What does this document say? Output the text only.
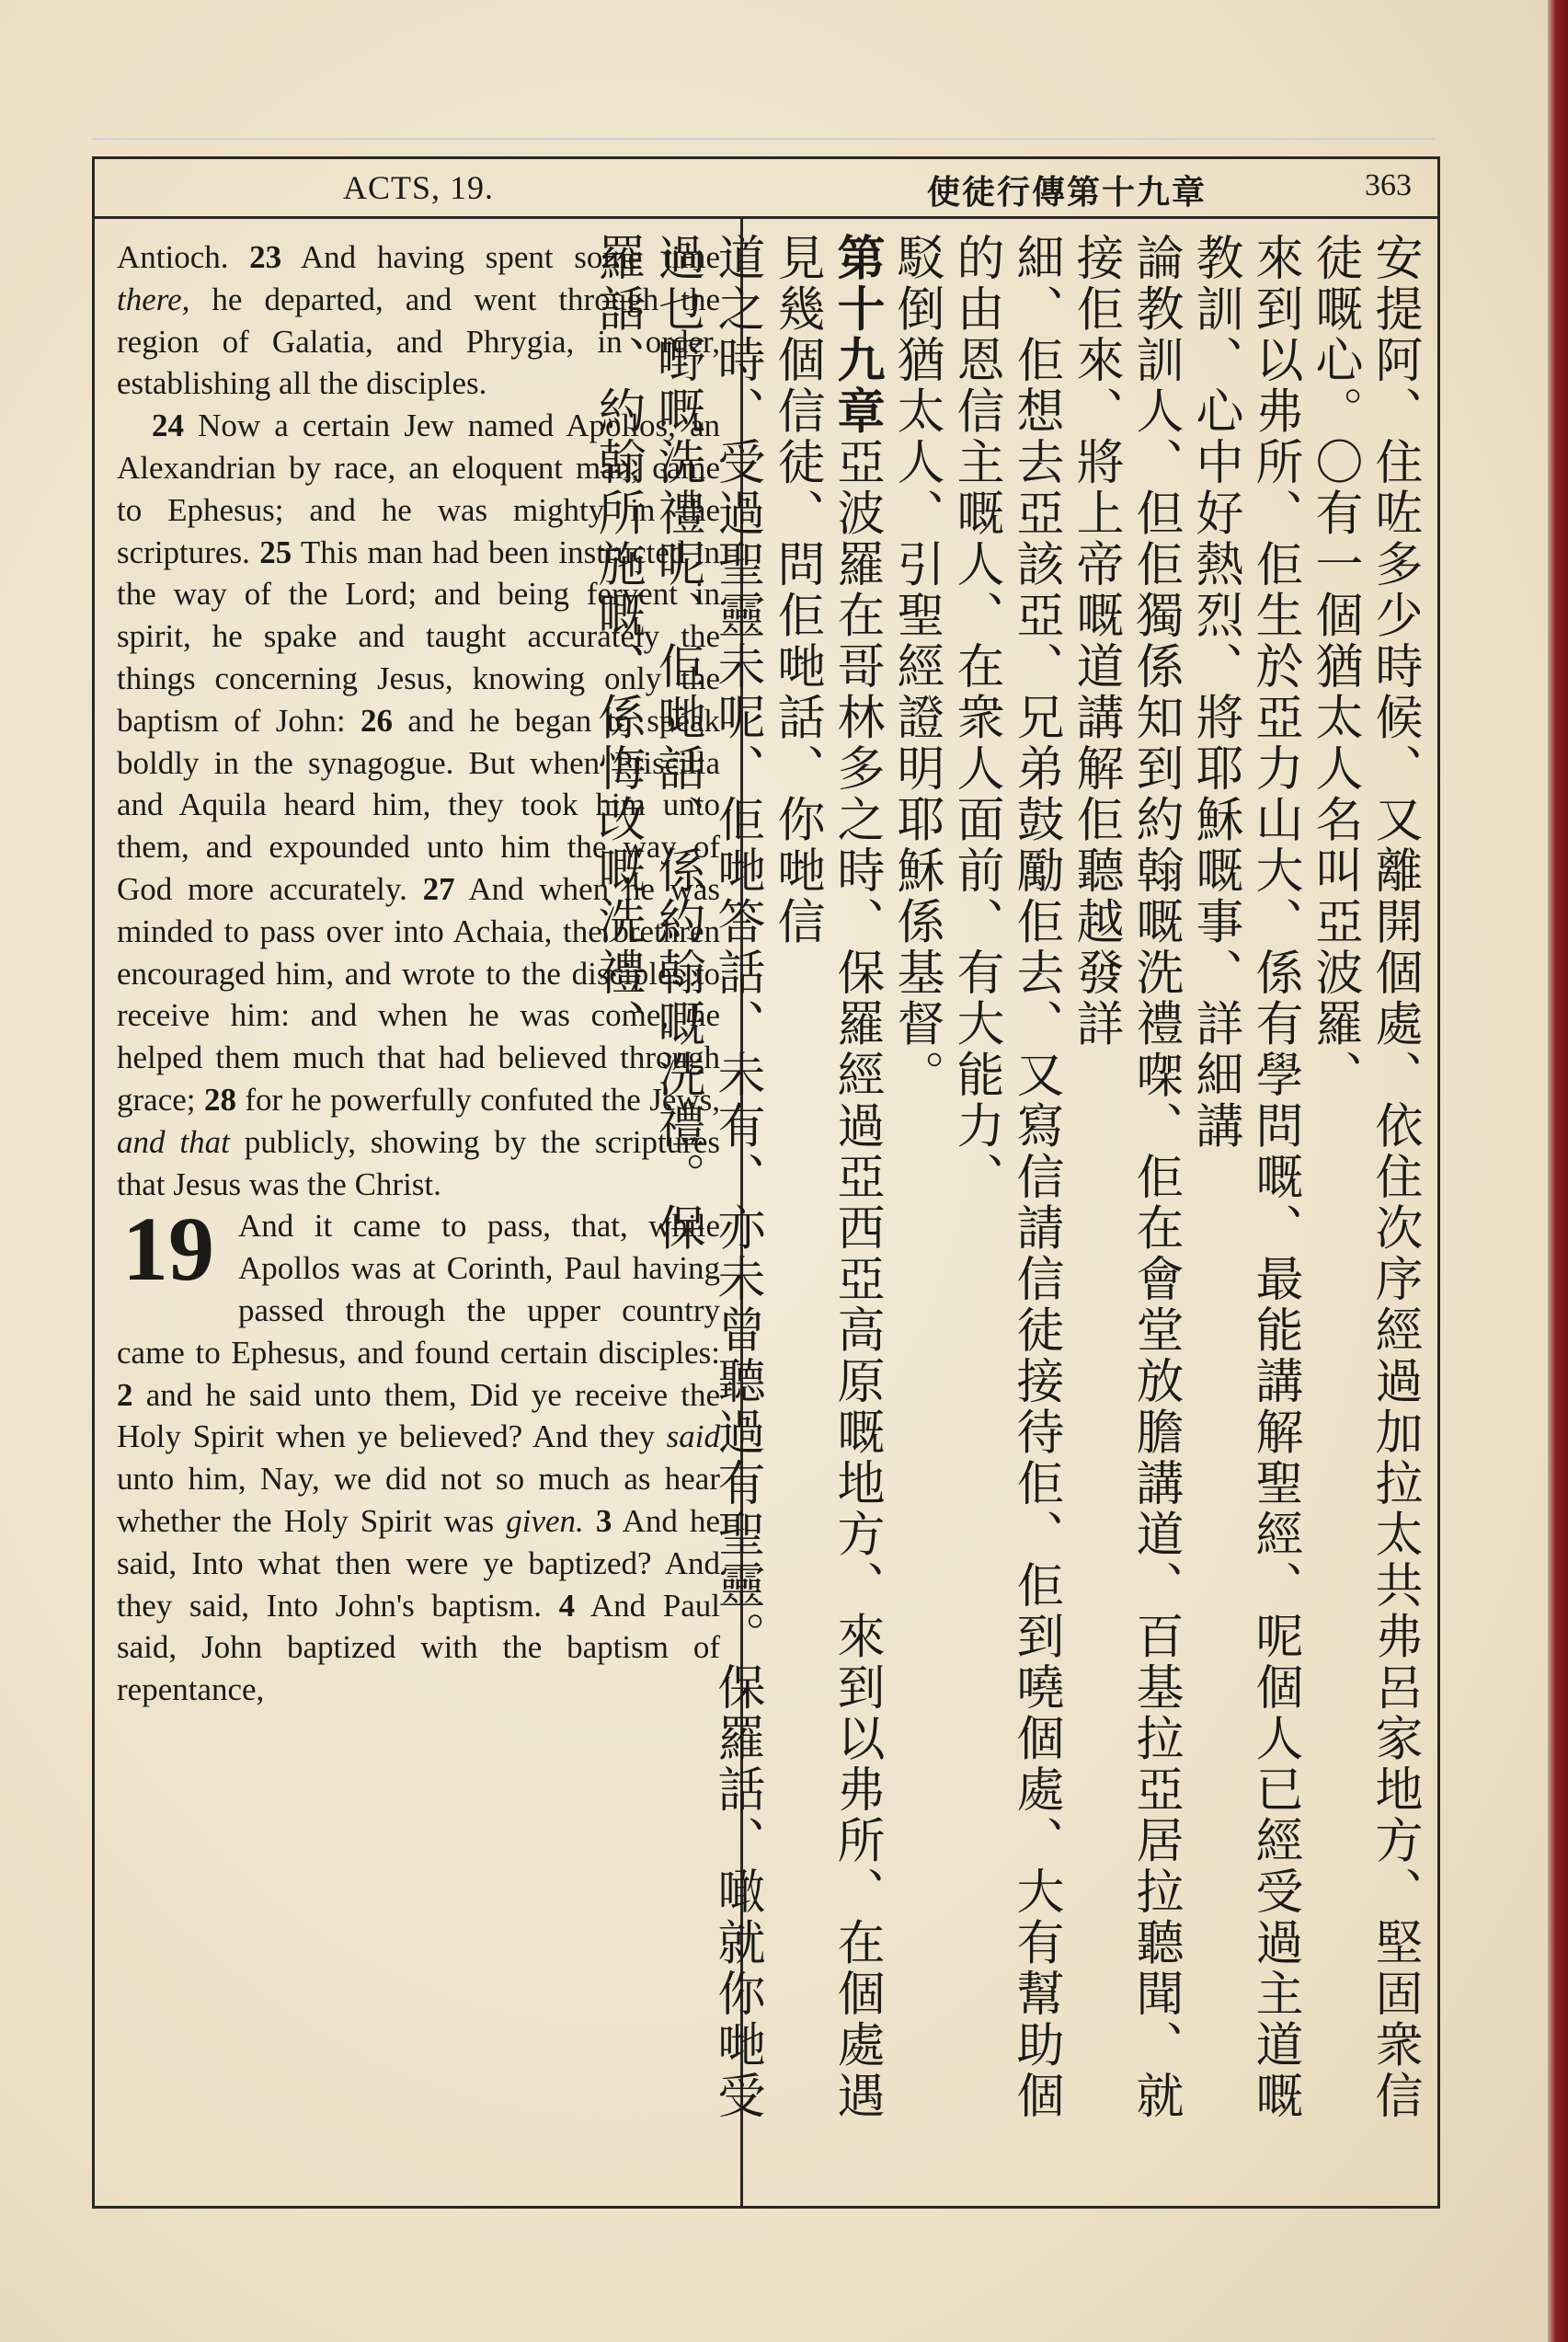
ACTS, 19.	使徒行傳第十九章	363

Antioch. 23 And having spent some time there, he departed, and went through the region of Galatia, and Phrygia, in order, establishing all the disciples.

24 Now a certain Jew named Apollos, an Alexandrian by race, an eloquent man, came to Ephesus; and he was mighty in the scriptures. 25 This man had been instructed in the way of the Lord; and being fervent in spirit, he spake and taught accurately the things concerning Jesus, knowing only the baptism of John: 26 and he began to speak boldly in the synagogue. But when Priscilla and Aquila heard him, they took him unto them, and expounded unto him the way of God more accurately. 27 And when he was minded to pass over into Achaia, the brethren encouraged him, and wrote to the disciples to receive him: and when he was come, he helped them much that had believed through grace; 28 for he powerfully confuted the Jews, and that publicly, showing by the scriptures that Jesus was the Christ.

19 And it came to pass, that, while Apollos was at Corinth, Paul having passed through the upper country came to Ephesus, and found certain disciples: 2 and he said unto them, Did ye receive the Holy Spirit when ye believed? And they said unto him, Nay, we did not so much as hear whether the Holy Spirit was given. 3 And he said, Into what then were ye baptized? And they said, Into John's baptism. 4 And Paul said, John baptized with the baptism of repentance,	安提阿、住咗多少時候、又離開個處、依住次序經過加拉太共弗呂家地方、堅固衆信徒嘅心。〇有一個猶太人名叫亞波羅、
來到以弗所、佢生於亞力山大、係有學問嘅、最能講解聖經、呢個人已經受過主道嘅教訓、心中好熱烈、將耶穌嘅事、詳細講
論教訓人、但佢獨係知到約翰嘅洗禮㗎、佢在會堂放膽講道、百基拉亞居拉聽聞、就接佢來、將上帝嘅道講解佢聽越發詳
細、佢想去亞該亞、兄弟鼓勵佢去、又寫信請信徒接待佢、佢到嘵個處、大有幫助個的由恩信主嘅人、在衆人面前、有大能力、
駁倒猶太人、引聖經證明耶穌係基督。
第十九章亞波羅在哥林多之時、保羅經過亞西亞高原嘅地方、來到以弗所、在個處遇見幾個信徒、問佢哋話、你哋信
道之時、受過聖靈未呢、佢哋答話、未有、亦未曾聽過有聖靈。保羅話、噉就你哋受過乜嘢嘅洗禮呢、佢哋話、係約翰嘅洗禮。保
羅話、約翰所施嘅、係悔改嘅洗禮、
